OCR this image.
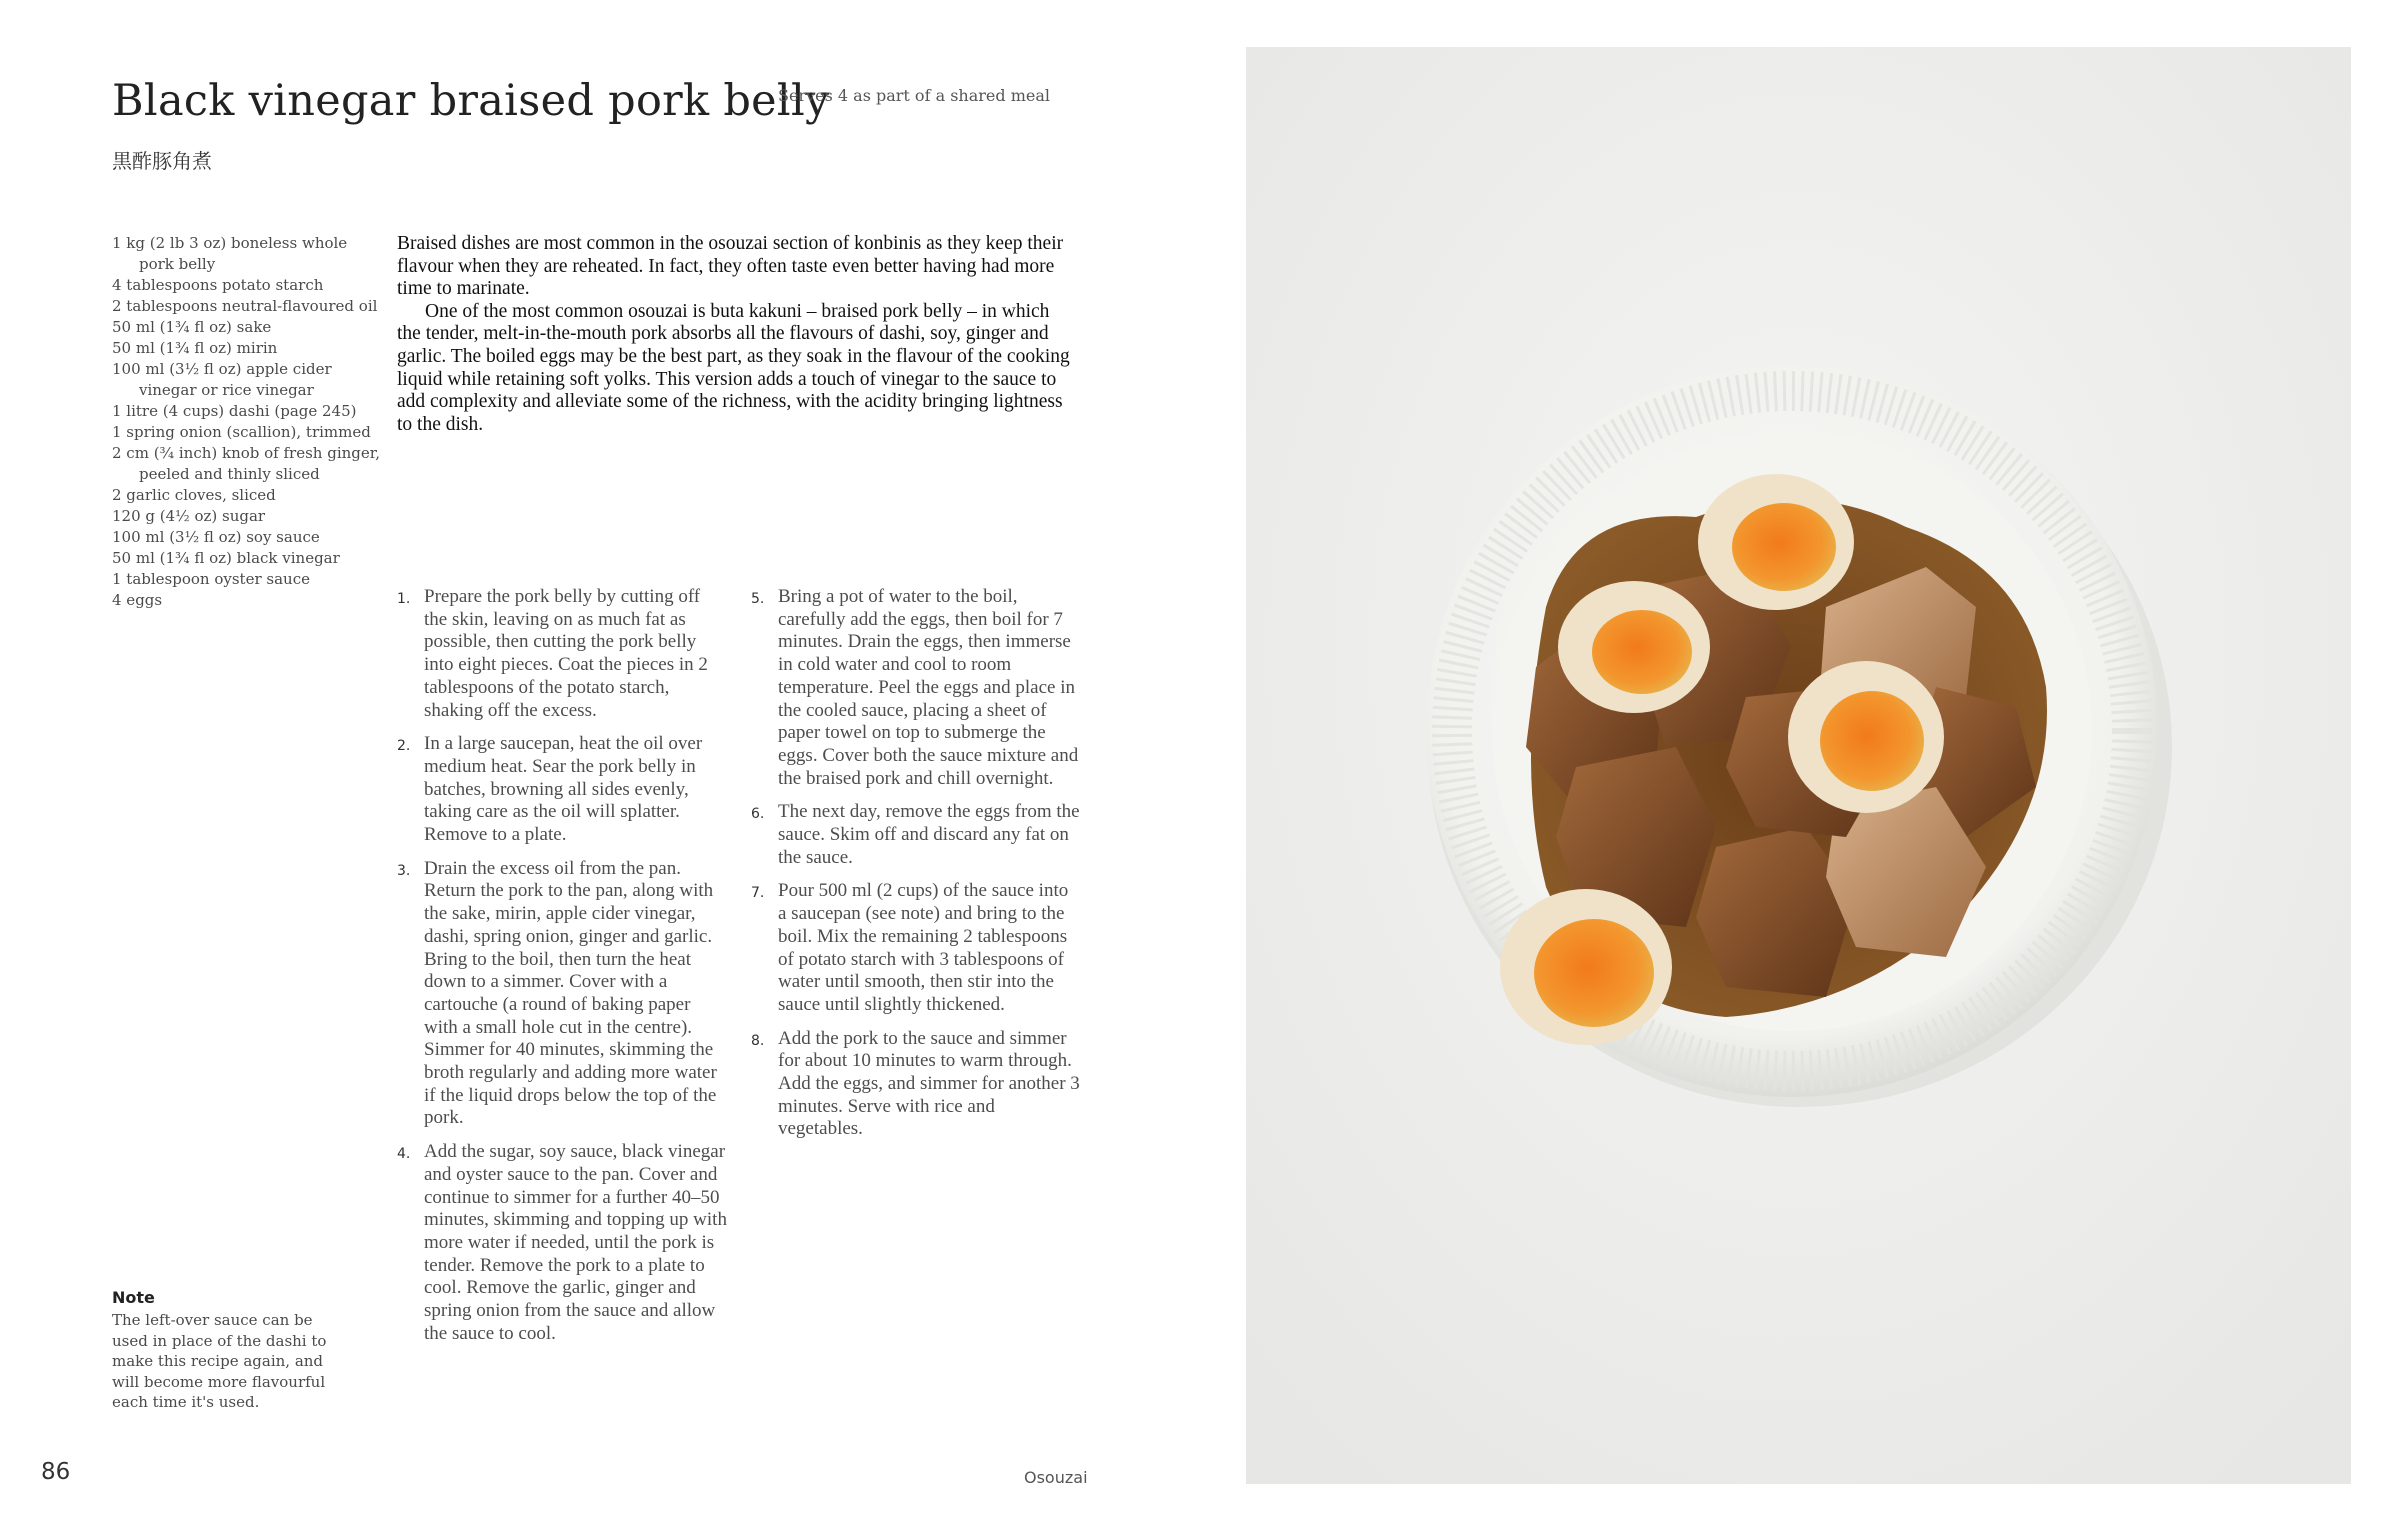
Black vinegar braised pork belly
Serves 4 as part of a shared meal
黒酢豚角煮
1 kg (2 lb 3 oz) boneless whole pork belly
4 tablespoons potato starch
2 tablespoons neutral-flavoured oil
50 ml (1¾ fl oz) sake
50 ml (1¾ fl oz) mirin
100 ml (3½ fl oz) apple cider vinegar or rice vinegar
1 litre (4 cups) dashi (page 245)
1 spring onion (scallion), trimmed
2 cm (¾ inch) knob of fresh ginger, peeled and thinly sliced
2 garlic cloves, sliced
120 g (4½ oz) sugar
100 ml (3½ fl oz) soy sauce
50 ml (1¾ fl oz) black vinegar
1 tablespoon oyster sauce
4 eggs

Braised dishes are most common in the osouzai section of konbinis as they keep their flavour when they are reheated. In fact, they often taste even better having had more time to marinate.

One of the most common osouzai is buta kakuni – braised pork belly – in which the tender, melt-in-the-mouth pork absorbs all the flavours of dashi, soy, ginger and garlic. The boiled eggs may be the best part, as they soak in the flavour of the cooking liquid while retaining soft yolks. This version adds a touch of vinegar to the sauce to add complexity and alleviate some of the richness, with the acidity bringing lightness to the dish.

1. Prepare the pork belly by cutting off the skin, leaving on as much fat as possible, then cutting the pork belly into eight pieces. Coat the pieces in 2 tablespoons of the potato starch, shaking off the excess.
2. In a large saucepan, heat the oil over medium heat. Sear the pork belly in batches, browning all sides evenly, taking care as the oil will splatter. Remove to a plate.
3. Drain the excess oil from the pan. Return the pork to the pan, along with the sake, mirin, apple cider vinegar, dashi, spring onion, ginger and garlic. Bring to the boil, then turn the heat down to a simmer. Cover with a cartouche (a round of baking paper with a small hole cut in the centre). Simmer for 40 minutes, skimming the broth regularly and adding more water if the liquid drops below the top of the pork.
4. Add the sugar, soy sauce, black vinegar and oyster sauce to the pan. Cover and continue to simmer for a further 40–50 minutes, skimming and topping up with more water if needed, until the pork is tender. Remove the pork to a plate to cool. Remove the garlic, ginger and spring onion from the sauce and allow the sauce to cool.
5. Bring a pot of water to the boil, carefully add the eggs, then boil for 7 minutes. Drain the eggs, then immerse in cold water and cool to room temperature. Peel the eggs and place in the cooled sauce, placing a sheet of paper towel on top to submerge the eggs. Cover both the sauce mixture and the braised pork and chill overnight.
6. The next day, remove the eggs from the sauce. Skim off and discard any fat on the sauce.
7. Pour 500 ml (2 cups) of the sauce into a saucepan (see note) and bring to the boil. Mix the remaining 2 tablespoons of potato starch with 3 tablespoons of water until smooth, then stir into the sauce until slightly thickened.
8. Add the pork to the sauce and simmer for about 10 minutes to warm through. Add the eggs, and simmer for another 3 minutes. Serve with rice and vegetables.
Note

The left-over sauce can be used in place of the dashi to make this recipe again, and will become more flavourful each time it's used.

86	Osouzai
